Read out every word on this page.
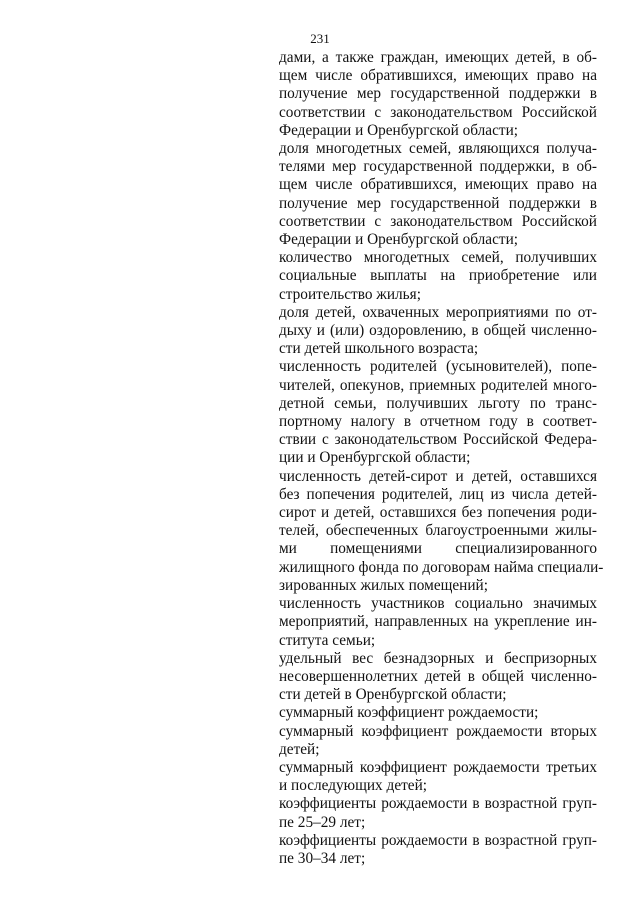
231

дами, а также граждан, имеющих детей, в об-
щем числе обратившихся, имеющих право на
получение мер государственной поддержки в
соответствии с законодательством Российской
Федерации и Оренбургской области;

доля многодетных семей, являющихся получа-
телями мер государственной поддержки, в об-
щем числе обратившихся, имеющих право на
получение мер государственной поддержки в
соответствии с законодательством Российской
Федерации и Оренбургской области;

количество многодетных семей, получивших
социальные выплаты на приобретение или
строительство жилья;

доля детей, охваченных мероприятиями по от-
дыху и (или) оздоровлению, в общей численно-
сти детей школьного возраста;

численность родителей (усыновителей), попе-
чителей, опекунов, приемных родителей много-
детной семьи, получивших льготу по транс-
портному налогу в отчетном году в соответ-
ствии с законодательством Российской Федера-
ции и Оренбургской области;

численность детей-сирот и детей, оставшихся
без попечения родителей, лиц из числа детей-
сирот и детей, оставшихся без попечения роди-
телей, обеспеченных благоустроенными жилы-
ми помещениями специализированного
жилищного фонда по договорам найма специали-
зированных жилых помещений;

численность участников социально значимых
мероприятий, направленных на укрепление ин-
ститута семьи;

удельный вес безнадзорных и беспризорных
несовершеннолетних детей в общей численно-
сти детей в Оренбургской области;

суммарный коэффициент рождаемости;

суммарный коэффициент рождаемости вторых
детей;

суммарный коэффициент рождаемости третьих
и последующих детей;

коэффициенты рождаемости в возрастной груп-
пе 25–29 лет;

коэффициенты рождаемости в возрастной груп-
пе 30–34 лет;
